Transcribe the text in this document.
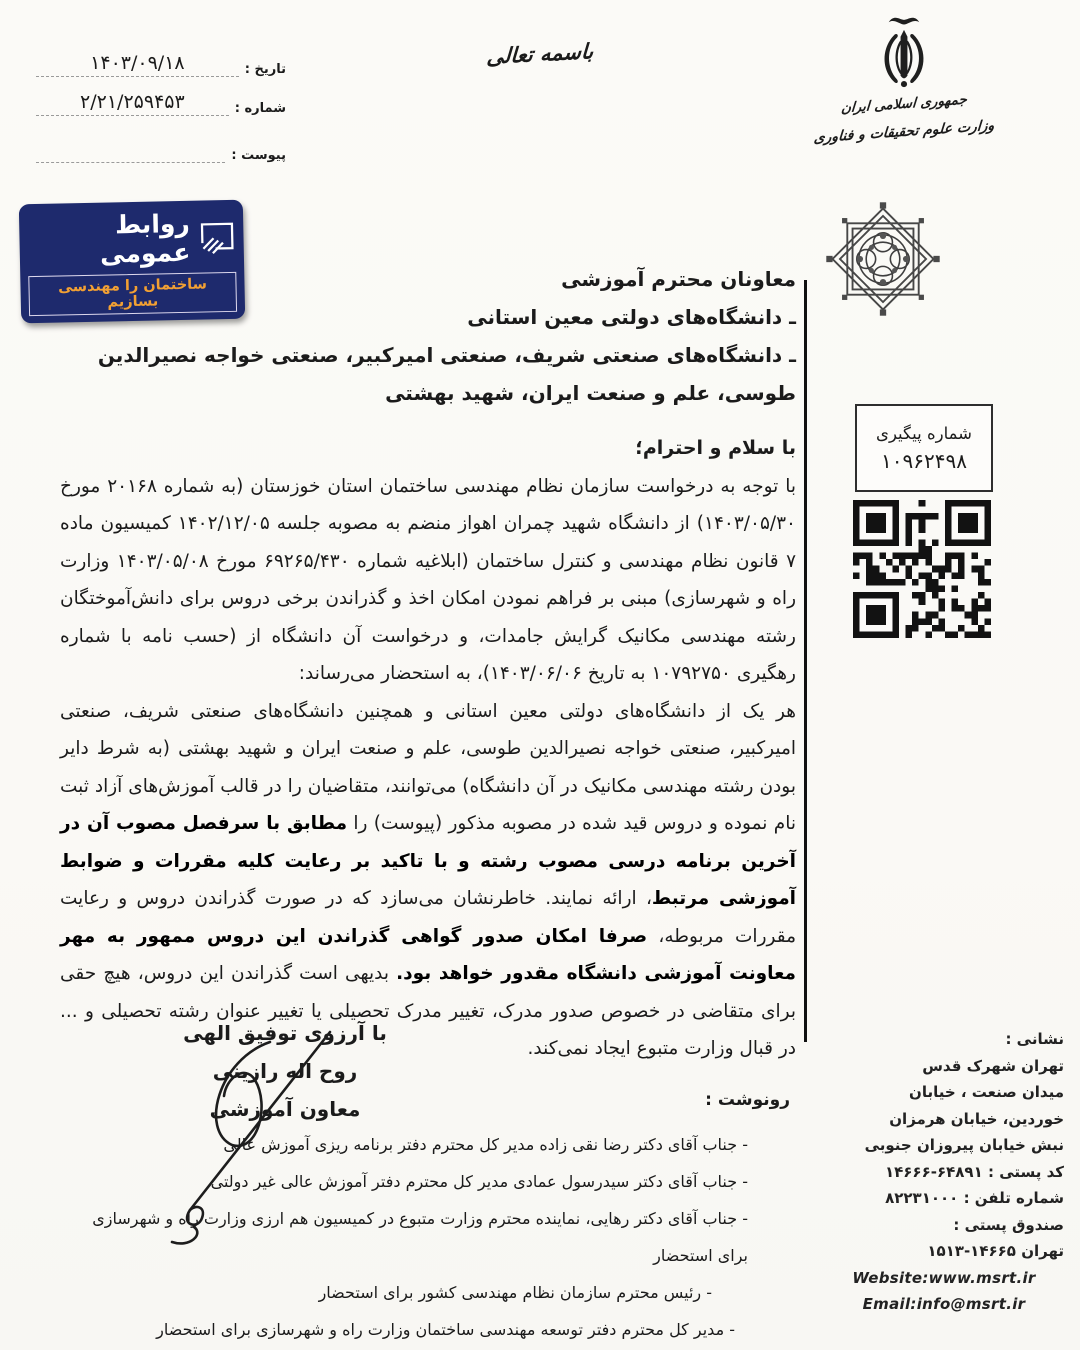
تاریخ :
۱۴۰۳/۰۹/۱۸
شماره :
۲/۲۱/۲۵۹۴۵۳
پیوست :
باسمه تعالی
جمهوری اسلامی ایران
وزارت علوم تحقیقات و فناوری
روابط عمومی
ساختمان را مهندسی بسازیم
معاونان محترم آموزشی
ـ دانشگاه‌های دولتی معین استانی
ـ دانشگاه‌های صنعتی شریف، صنعتی امیرکبیر، صنعتی خواجه نصیرالدین طوسی، علم و صنعت ایران، شهید بهشتی
شماره پیگیری
۱۰۹۶۲۴۹۸
با سلام و احترام؛

با توجه به درخواست سازمان نظام مهندسی ساختمان استان خوزستان (به شماره ۲۰۱۶۸ مورخ ۱۴۰۳/۰۵/۳۰) از دانشگاه شهید چمران اهواز منضم به مصوبه جلسه ۱۴۰۲/۱۲/۰۵ کمیسیون ماده ۷ قانون نظام مهندسی و کنترل ساختمان (ابلاغیه شماره ۶۹۲۶۵/۴۳۰ مورخ ۱۴۰۳/۰۵/۰۸ وزارت راه و شهرسازی) مبنی بر فراهم نمودن امکان اخذ و گذراندن برخی دروس برای دانش‌آموختگان رشته مهندسی مکانیک گرایش جامدات، و درخواست آن دانشگاه از (حسب نامه با شماره رهگیری ۱۰۷۹۲۷۵۰ به تاریخ ۱۴۰۳/۰۶/۰۶)، به استحضار می‌رساند:

هر یک از دانشگاه‌های دولتی معین استانی و همچنین دانشگاه‌های صنعتی شریف، صنعتی امیرکبیر، صنعتی خواجه نصیرالدین طوسی، علم و صنعت ایران و شهید بهشتی (به شرط دایر بودن رشته مهندسی مکانیک در آن دانشگاه) می‌توانند، متقاضیان را در قالب آموزش‌های آزاد ثبت نام نموده و دروس قید شده در مصوبه مذکور (پیوست) را مطابق با سرفصل مصوب آن در آخرین برنامه درسی مصوب رشته و با تاکید بر رعایت کلیه مقررات و ضوابط آموزشی مرتبط، ارائه نمایند. خاطرنشان می‌سازد که در صورت گذراندن دروس و رعایت مقررات مربوطه، صرفا امکان صدور گواهی گذراندن این دروس ممهور به مهر معاونت آموزشی دانشگاه مقدور خواهد بود. بدیهی است گذراندن این دروس، هیچ حقی برای متقاضی در خصوص صدور مدرک، تغییر مدرک تحصیلی یا تغییر عنوان رشته تحصیلی و ... در قبال وزارت متبوع ایجاد نمی‌کند.

با آرزوی توفیق الهی
روح اله رازینی
معاون آموزشی	رونوشت :
- جناب آقای دکتر رضا نقی زاده مدیر کل محترم دفتر برنامه ریزی آموزش عالی
- جناب آقای دکتر سیدرسول عمادی مدیر کل محترم دفتر آموزش عالی غیر دولتی
- جناب آقای دکتر رهایی، نماینده محترم وزارت متبوع در کمیسیون هم ارزی وزارت راه و شهرسازی برای استحضار
- رئیس محترم سازمان نظام مهندسی کشور برای استحضار
- مدیر کل محترم دفتر توسعه مهندسی ساختمان وزارت راه و شهرسازی برای استحضار
نشانی :
تهران شهرک قدس
میدان صنعت ، خیابان
خوردین، خیابان هرمزان
نبش خیابان پیروزان جنوبی
کد پستی : ۱۴۶۶۶-۶۴۸۹۱
شماره تلفن : ۸۲۲۳۱۰۰۰
صندوق پستی :
تهران ۱۵۱۳-۱۴۶۶۵
Website:www.msrt.ir
Email:info@msrt.ir
